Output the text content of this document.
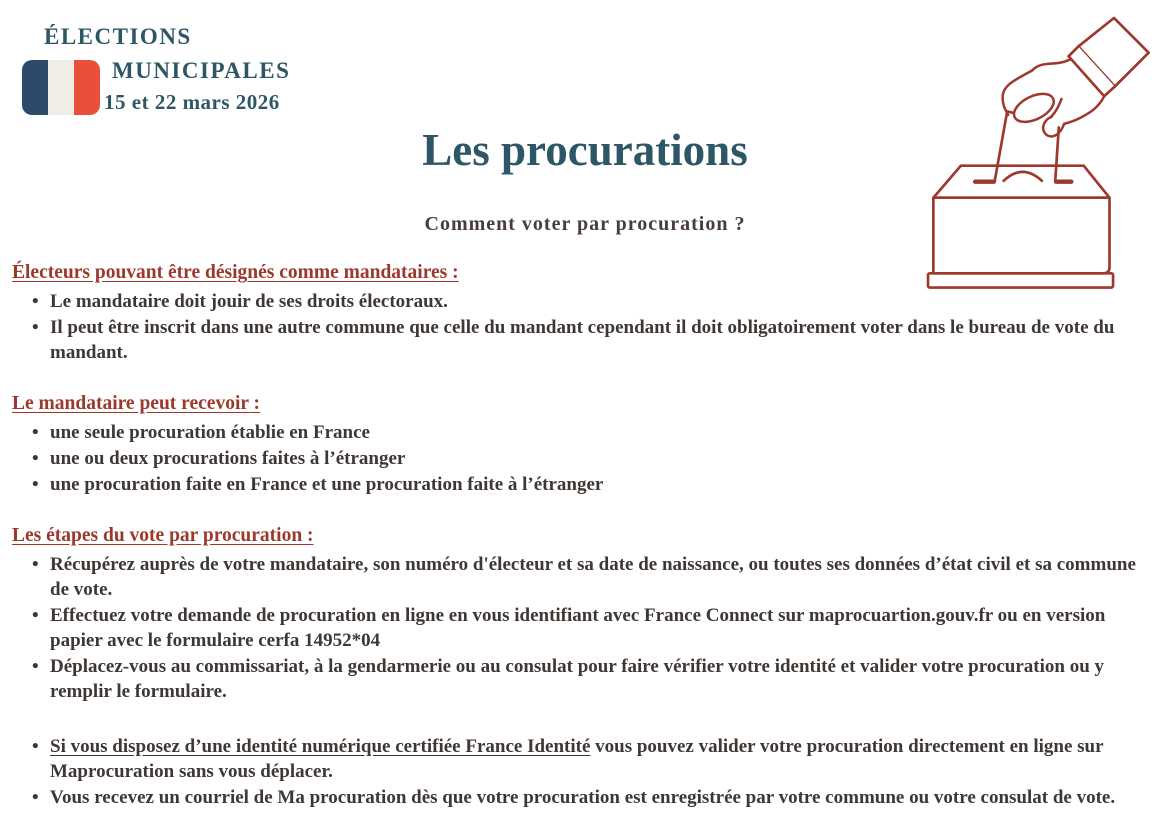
ÉLECTIONS
MUNICIPALES
15 et 22 mars 2026
Les procurations
Comment voter par procuration ?
Électeurs pouvant être désignés comme mandataires :
• Le mandataire doit jouir de ses droits électoraux.
• Il peut être inscrit dans une autre commune que celle du mandant cependant il doit obligatoirement voter dans le bureau de vote du mandant.
Le mandataire peut recevoir :
• une seule procuration établie en France
• une ou deux procurations faites à l’étranger
• une procuration faite en France et une procuration faite à l’étranger
Les étapes du vote par procuration :
• Récupérez auprès de votre mandataire, son numéro d'électeur et sa date de naissance, ou toutes ses données d’état civil et sa commune de vote.
• Effectuez votre demande de procuration en ligne en vous identifiant avec France Connect sur maprocuartion.gouv.fr ou en version papier avec le formulaire cerfa 14952*04
• Déplacez-vous au commissariat, à la gendarmerie ou au consulat pour faire vérifier votre identité et valider votre procuration ou y remplir le formulaire.
• Si vous disposez d’une identité numérique certifiée France Identité vous pouvez valider votre procuration directement en ligne sur Maprocuration sans vous déplacer.
• Vous recevez un courriel de Ma procuration dès que votre procuration est enregistrée par votre commune ou votre consulat de vote.
